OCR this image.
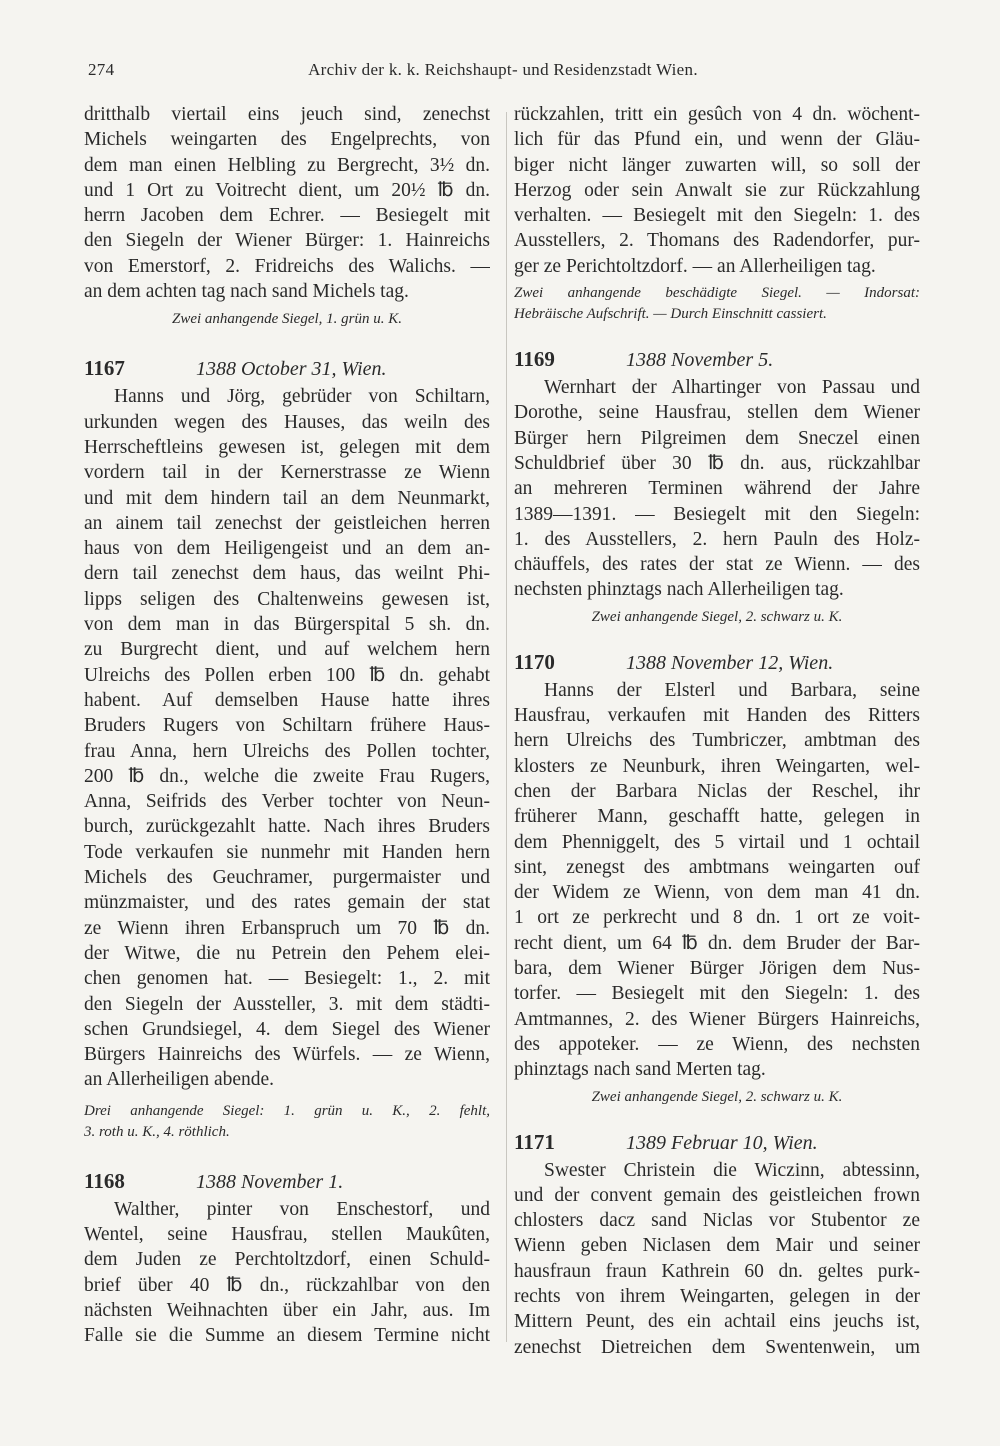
274	Archiv der k. k. Reichshaupt- und Residenzstadt Wien.
dritthalb viertail eins jeuch sind, zenechst
Michels weingarten des Engelprechts, von
dem man einen Helbling zu Bergrecht, 3½ dn.
und 1 Ort zu Voitrecht dient, um 20½ ℔ dn.
herrn Jacoben dem Echrer. — Besiegelt mit
den Siegeln der Wiener Bürger: 1. Hainreichs
von Emerstorf, 2. Fridreichs des Walichs. —
an dem achten tag nach sand Michels tag.
Zwei anhangende Siegel, 1. grün u. K.
1167	1388 October 31, Wien.
Hanns und Jörg, gebrüder von Schiltarn,
urkunden wegen des Hauses, das weiln des
Herrscheftleins gewesen ist, gelegen mit dem
vordern tail in der Kernerstrasse ze Wienn
und mit dem hindern tail an dem Neunmarkt,
an ainem tail zenechst der geistleichen herren
haus von dem Heiligengeist und an dem an-
dern tail zenechst dem haus, das weilnt Phi-
lipps seligen des Chaltenweins gewesen ist,
von dem man in das Bürgerspital 5 sh. dn.
zu Burgrecht dient, und auf welchem hern
Ulreichs des Pollen erben 100 ℔ dn. gehabt
habent. Auf demselben Hause hatte ihres
Bruders Rugers von Schiltarn frühere Haus-
frau Anna, hern Ulreichs des Pollen tochter,
200 ℔ dn., welche die zweite Frau Rugers,
Anna, Seifrids des Verber tochter von Neun-
burch, zurückgezahlt hatte. Nach ihres Bruders
Tode verkaufen sie nunmehr mit Handen hern
Michels des Geuchramer, purgermaister und
münzmaister, und des rates gemain der stat
ze Wienn ihren Erbanspruch um 70 ℔ dn.
der Witwe, die nu Petrein den Pehem elei-
chen genomen hat. — Besiegelt: 1., 2. mit
den Siegeln der Aussteller, 3. mit dem städti-
schen Grundsiegel, 4. dem Siegel des Wiener
Bürgers Hainreichs des Würfels. — ze Wienn,
an Allerheiligen abende.
Drei anhangende Siegel: 1. grün u. K., 2. fehlt,
3. roth u. K., 4. röthlich.
1168	1388 November 1.
Walther, pinter von Enschestorf, und
Wentel, seine Hausfrau, stellen Maukûten,
dem Juden ze Perchtoltzdorf, einen Schuld-
brief über 40 ℔ dn., rückzahlbar von den
nächsten Weihnachten über ein Jahr, aus. Im
Falle sie die Summe an diesem Termine nicht
rückzahlen, tritt ein gesûch von 4 dn. wöchent-
lich für das Pfund ein, und wenn der Gläu-
biger nicht länger zuwarten will, so soll der
Herzog oder sein Anwalt sie zur Rückzahlung
verhalten. — Besiegelt mit den Siegeln: 1. des
Ausstellers, 2. Thomans des Radendorfer, pur-
ger ze Perichtoltzdorf. — an Allerheiligen tag.
Zwei anhangende beschädigte Siegel. — Indorsat:
Hebräische Aufschrift. — Durch Einschnitt cassiert.
1169	1388 November 5.
Wernhart der Alhartinger von Passau und
Dorothe, seine Hausfrau, stellen dem Wiener
Bürger hern Pilgreimen dem Sneczel einen
Schuldbrief über 30 ℔ dn. aus, rückzahlbar
an mehreren Terminen während der Jahre
1389—1391. — Besiegelt mit den Siegeln:
1. des Ausstellers, 2. hern Pauln des Holz-
chäuffels, des rates der stat ze Wienn. — des
nechsten phinztags nach Allerheiligen tag.
Zwei anhangende Siegel, 2. schwarz u. K.
1170	1388 November 12, Wien.
Hanns der Elsterl und Barbara, seine
Hausfrau, verkaufen mit Handen des Ritters
hern Ulreichs des Tumbriczer, ambtman des
klosters ze Neunburk, ihren Weingarten, wel-
chen der Barbara Niclas der Reschel, ihr
früherer Mann, geschafft hatte, gelegen in
dem Phenniggelt, des 5 virtail und 1 ochtail
sint, zenegst des ambtmans weingarten ouf
der Widem ze Wienn, von dem man 41 dn.
1 ort ze perkrecht und 8 dn. 1 ort ze voit-
recht dient, um 64 ℔ dn. dem Bruder der Bar-
bara, dem Wiener Bürger Jörigen dem Nus-
torfer. — Besiegelt mit den Siegeln: 1. des
Amtmannes, 2. des Wiener Bürgers Hainreichs,
des appoteker. — ze Wienn, des nechsten
phinztags nach sand Merten tag.
Zwei anhangende Siegel, 2. schwarz u. K.
1171	1389 Februar 10, Wien.
Swester Christein die Wiczinn, abtessinn,
und der convent gemain des geistleichen frown
chlosters dacz sand Niclas vor Stubentor ze
Wienn geben Niclasen dem Mair und seiner
hausfraun fraun Kathrein 60 dn. geltes purk-
rechts von ihrem Weingarten, gelegen in der
Mittern Peunt, des ein achtail eins jeuchs ist,
zenechst Dietreichen dem Swentenwein, um
